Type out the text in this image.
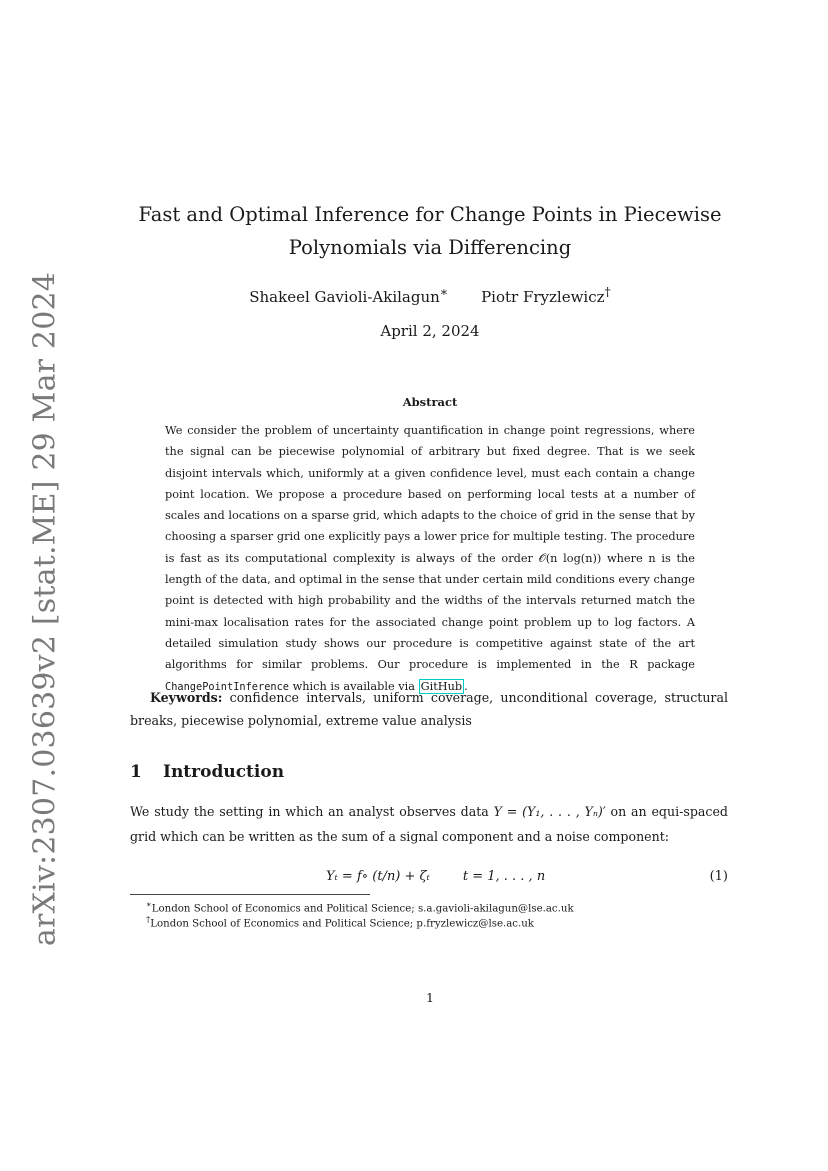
arXiv:2307.03639v2 [stat.ME] 29 Mar 2024
Fast and Optimal Inference for Change Points in Piecewise
Polynomials via Differencing
Shakeel Gavioli-Akilagun∗ Piotr Fryzlewicz†
April 2, 2024
Abstract
We consider the problem of uncertainty quantification in change point regressions, where the signal can be piecewise polynomial of arbitrary but fixed degree. That is we seek disjoint intervals which, uniformly at a given confidence level, must each contain a change point location. We propose a procedure based on performing local tests at a number of scales and locations on a sparse grid, which adapts to the choice of grid in the sense that by choosing a sparser grid one explicitly pays a lower price for multiple testing. The procedure is fast as its computational complexity is always of the order 𝒪(n log(n)) where n is the length of the data, and optimal in the sense that under certain mild conditions every change point is detected with high probability and the widths of the intervals returned match the mini-max localisation rates for the associated change point problem up to log factors. A detailed simulation study shows our procedure is competitive against state of the art algorithms for similar problems. Our procedure is implemented in the R package ChangePointInference which is available via GitHub .
Keywords: confidence intervals, uniform coverage, unconditional coverage, structural breaks, piecewise polynomial, extreme value analysis
1 Introduction
We study the setting in which an analyst observes data Y = (Y₁, . . . , Yₙ)′ on an equi-spaced grid which can be written as the sum of a signal component and a noise component:
Yₜ = f∘ (t/n) + ζₜ        t = 1, . . . , n	(1)
∗London School of Economics and Political Science; s.a.gavioli-akilagun@lse.ac.uk
†London School of Economics and Political Science; p.fryzlewicz@lse.ac.uk
1
